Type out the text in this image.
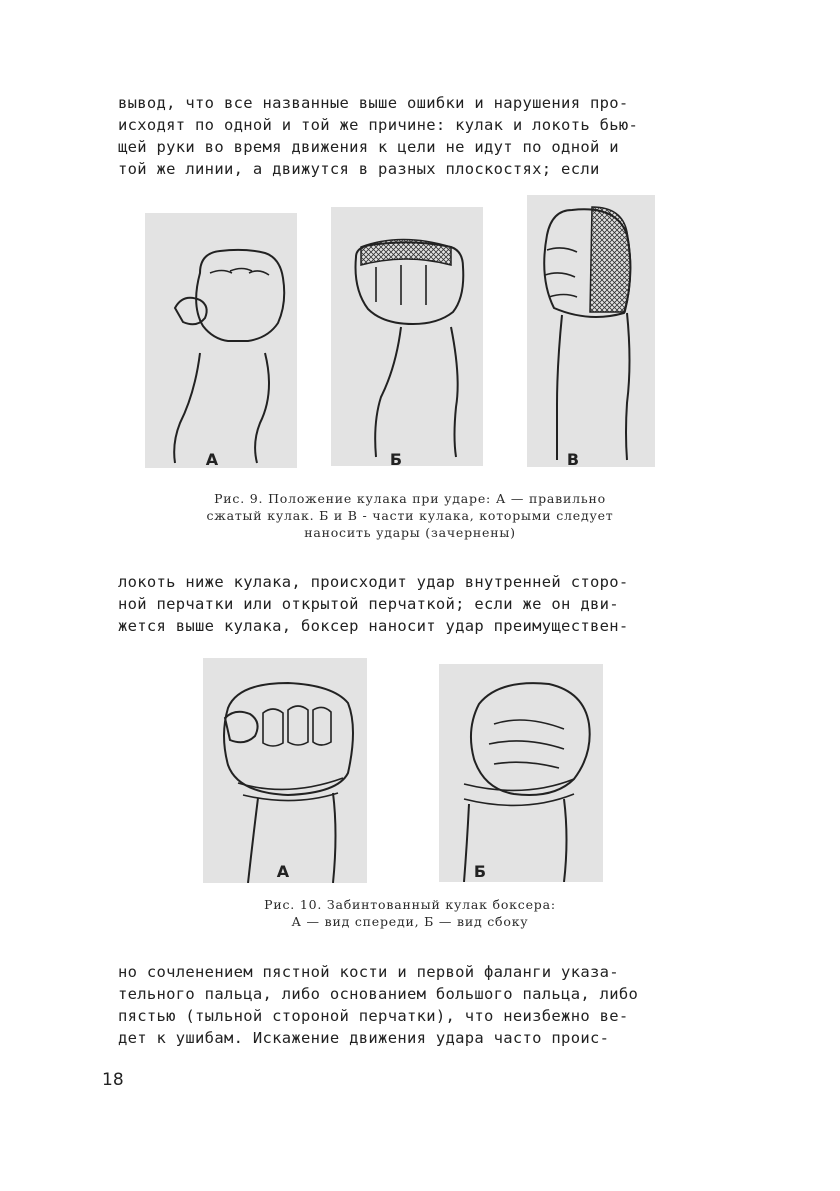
вывод, что все названные выше ошибки и нарушения про-
исходят по одной и той же причине: кулак и локоть бью-
щей руки во время движения к цели не идут по одной и
той же линии, а движутся в разных плоскостях; если
А	Б	В
Рис. 9. Положение кулака при ударе: А — правильно
сжатый кулак. Б и В - части кулака, которыми следует
наносить удары (зачернены)
локоть ниже кулака, происходит удар внутренней сторо-
ной перчатки или открытой перчаткой; если же он дви-
жется выше кулака, боксер наносит удар преимуществен-
А	Б
Рис. 10. Забинтованный кулак боксера:
А — вид спереди, Б — вид сбоку
но сочленением пястной кости и первой фаланги указа-
тельного пальца, либо основанием большого пальца, либо
пястью (тыльной стороной перчатки), что неизбежно ве-
дет к ушибам. Искажение движения удара часто проис-
18
